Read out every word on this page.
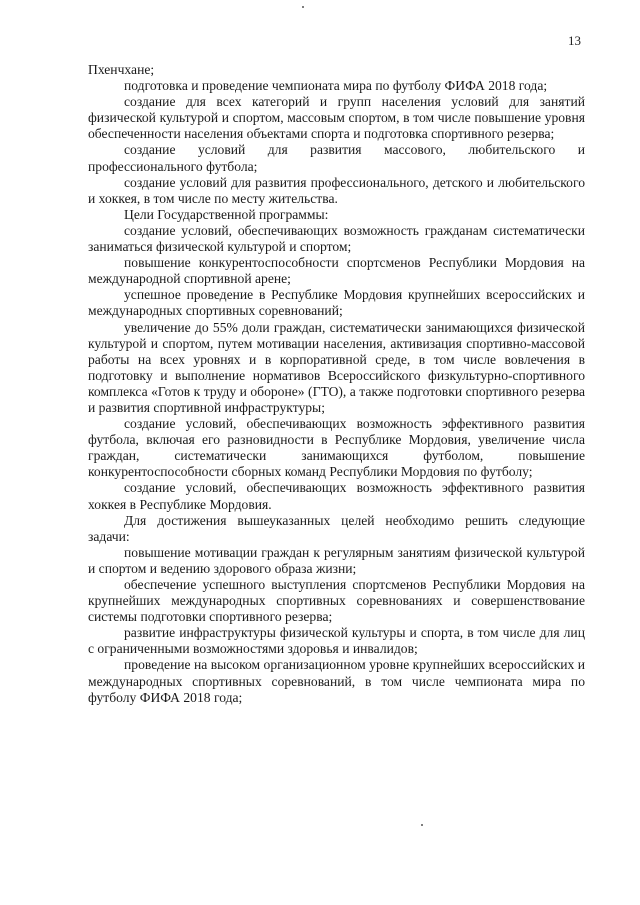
13

Пхенчхане;

подготовка и проведение чемпионата мира по футболу ФИФА 2018 года;

создание для всех категорий и групп населения условий для занятий физической культурой и спортом, массовым спортом, в том числе повышение уровня обеспеченности населения объектами спорта и подготовка спортивного резерва;

создание условий для развития массового, любительского и профессионального футбола;

создание условий для развития профессионального, детского и любительского и хоккея, в том числе по месту жительства.

Цели Государственной программы:

создание условий, обеспечивающих возможность гражданам систематически заниматься физической культурой и спортом;

повышение конкурентоспособности спортсменов Республики Мордовия на международной спортивной арене;

успешное проведение в Республике Мордовия крупнейших всероссийских и международных спортивных соревнований;

увеличение до 55% доли граждан, систематически занимающихся физической культурой и спортом, путем мотивации населения, активизация спортивно-массовой работы на всех уровнях и в корпоративной среде, в том числе вовлечения в подготовку и выполнение нормативов Всероссийского физкультурно-спортивного комплекса «Готов к труду и обороне» (ГТО), а также подготовки спортивного резерва и развития спортивной инфраструктуры;

создание условий, обеспечивающих возможность эффективного развития футбола, включая его разновидности в Республике Мордовия, увеличение числа граждан, систематически занимающихся футболом, повышение конкурентоспособности сборных команд Республики Мордовия по футболу;

создание условий, обеспечивающих возможность эффективного развития хоккея в Республике Мордовия.

Для достижения вышеуказанных целей необходимо решить следующие задачи:

повышение мотивации граждан к регулярным занятиям физической культурой и спортом и ведению здорового образа жизни;

обеспечение успешного выступления спортсменов Республики Мордовия на крупнейших международных спортивных соревнованиях и совершенствование системы подготовки спортивного резерва;

развитие инфраструктуры физической культуры и спорта, в том числе для лиц с ограниченными возможностями здоровья и инвалидов;

проведение на высоком организационном уровне крупнейших всероссийских и международных спортивных соревнований, в том числе чемпионата мира по футболу ФИФА 2018 года;
